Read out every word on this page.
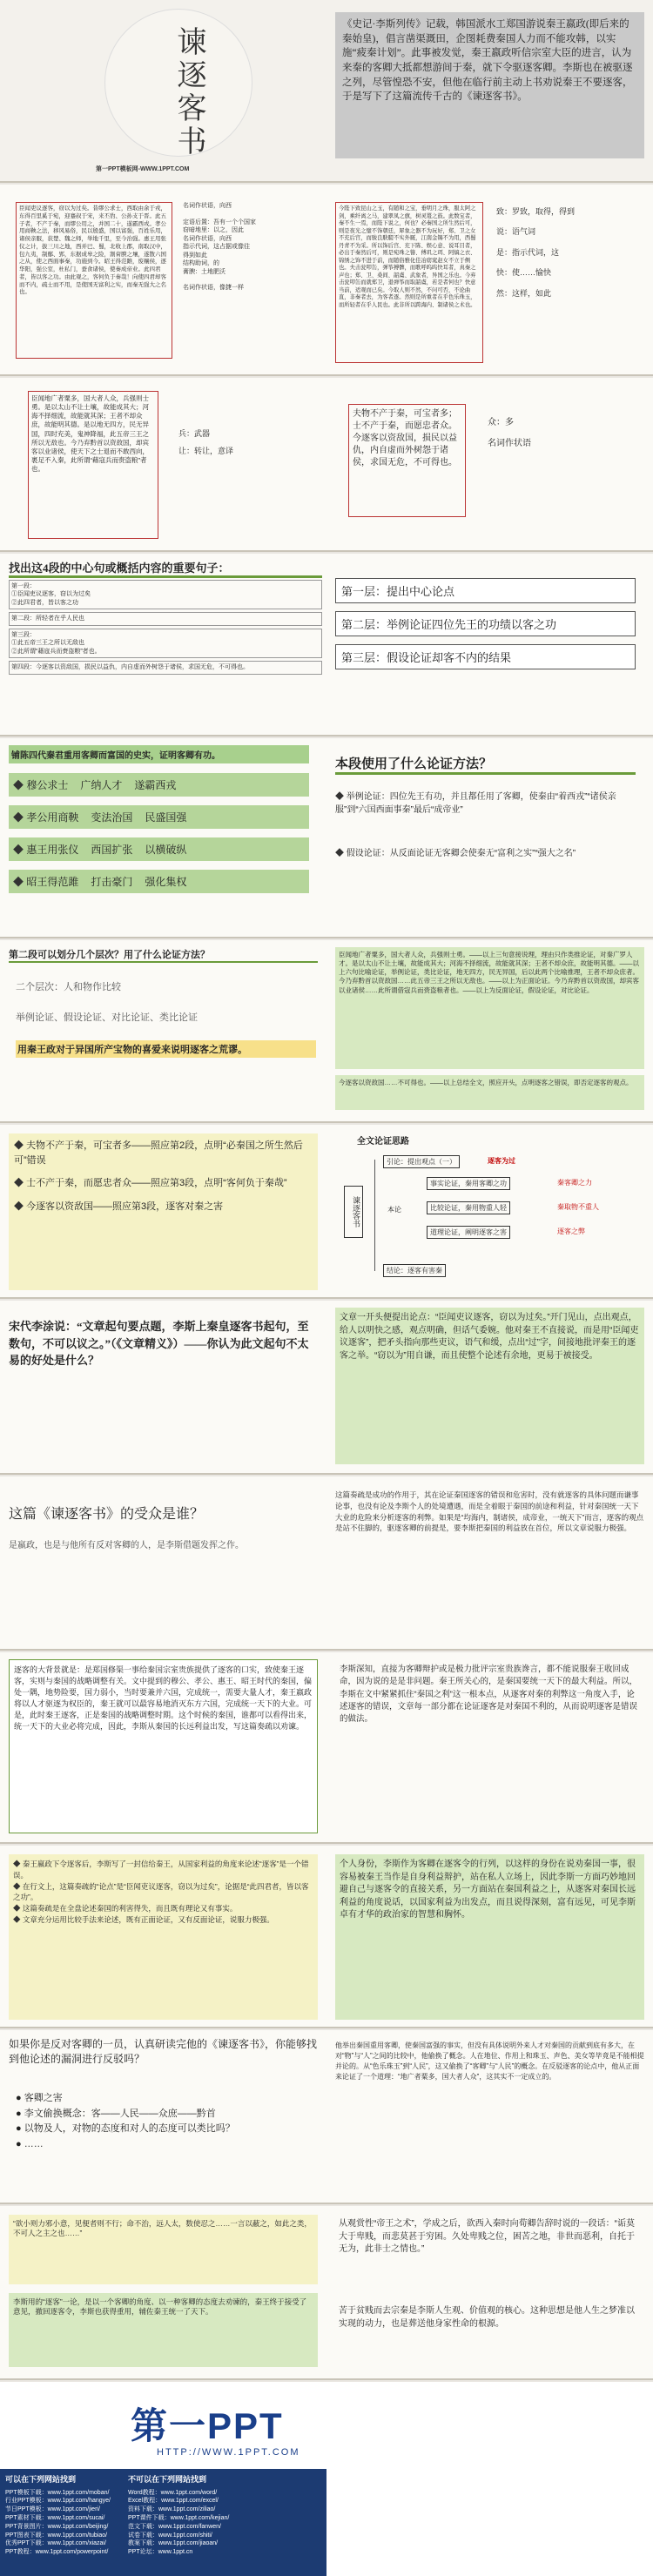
谏逐客书
第一PPT模板网-WWW.1PPT.COM
《史记·李斯列传》记载，韩国派水工郑国游说秦王嬴政(即后来的秦始皇)，倡言凿渠溉田，企图耗费秦国人力而不能攻韩，以实施“疲秦计划”。此事被发觉，秦王嬴政听信宗室大臣的进言，认为来秦的客卿大抵都想游间于秦，就下令驱逐客卿。李斯也在被驱逐之列，尽管惶恐不安，但他在临行前主动上书劝说秦王不要逐客，于是写下了这篇流传千古的《谏逐客书》。
臣闻吏议逐客，窃以为过矣。昔缪公求士，西取由余于戎，东得百里奚于宛，迎蹇叔于宋，来丕豹、公孙支于晋。此五子者，不产于秦，而缪公用之，并国二十，遂霸西戎。孝公用商鞅之法，移风易俗，民以殷盛，国以富强，百姓乐用，诸侯亲服，获楚、魏之师，举地千里，至今治强。惠王用张仪之计，拔三川之地，西并巴、蜀，北收上郡，南取汉中，包九夷，制鄢、郢，东据成皋之险，割膏腴之壤，遂散六国之从，使之西面事秦，功施到今。昭王得范雎，废穰侯，逐华阳，强公室，杜私门，蚕食诸侯，使秦成帝业。此四君者，皆以客之功。由此观之，客何负于秦哉！向使四君却客而不内，疏士而不用，是使国无富利之实，而秦无强大之名也。
名词作状语，向西

定语后置：吾有一个个国家
窃暗地里：以之，因此
名词作状语，向西
指示代词，这占据或像往
得到如此
结构助词，的
膏腴：土地肥沃

名词作状语，像捷一样
今陛下致昆山之玉，有随和之宝，垂明月之珠，服太阿之剑，乘纤离之马，建翠凤之旗，树灵鼍之鼓。此数宝者，秦不生一焉，而陛下说之，何也？必秦国之所生然后可，则是夜光之璧不饰朝廷，犀象之器不为玩好，郑、卫之女不充后宫，而骏良駃騠不实外厩，江南金锡不为用，西蜀丹青不为采。所以饰后宫、充下陈、娱心意、说耳目者，必出于秦然后可，则是宛珠之簪、傅玑之珥、阿缟之衣、锦绣之饰不进于前，而随俗雅化佳冶窈窕赵女不立于侧也。夫击瓮叩缶，弹筝搏髀，而歌呼呜呜快耳者，真秦之声也；郑、卫、桑间、韶虞、武象者，异国之乐也。今弃击瓮叩缶而就郑卫，退弹筝而取韶虞，若是者何也？快意当前，适观而已矣。今取人则不然，不问可否，不论曲直，非秦者去，为客者逐。然则是所重者在乎色乐珠玉，而所轻者在乎人民也。此非所以跨海内、制诸侯之术也。
致：罗致，取得，得到
说：语气词
是：指示代词，这
快：使……愉快
然：这样，如此
臣闻地广者粟多，国大者人众，兵强则士勇。是以太山不让土壤，故能成其大；河海不择细流，故能就其深；王者不却众庶，故能明其德。是以地无四方，民无异国，四时充美，鬼神降福，此五帝三王之所以无敌也。今乃弃黔首以资敌国，却宾客以业诸侯，使天下之士退而不敢西向，裹足不入秦，此所谓“藉寇兵而赍盗粮”者也。
兵：武器
让：转让，意译
夫物不产于秦，可宝者多；士不产于秦，而愿忠者众。今逐客以资敌国，损民以益仇，内自虚而外树怨于诸侯，求国无危，不可得也。
众：多
名词作状语
找出这4段的中心句或概括内容的重要句子：
第一段：
①臣闻吏议逐客，窃以为过矣
②此四君者，皆以客之功
第二段：所轻者在乎人民也
第三段：
①此五帝三王之所以无敌也
②此所谓“藉寇兵而赍盗粮”者也。
第四段：今逐客以资敌国，损民以益仇，内自虚而外树怨于诸侯，求国无危，不可得也。
第一层：提出中心论点
第二层：举例论证四位先王的功绩以客之功
第三层：假设论证却客不内的结果
铺陈四代秦君重用客卿而富国的史实，证明客卿有功。
◆ 穆公求士 广纳人才 遂霸西戎
◆ 孝公用商鞅 变法治国 民盛国强
◆ 惠王用张仪 西国扩张 以横破纵
◆ 昭王得范雎 打击豪门 强化集权
本段使用了什么论证方法？
◆ 举例论证：四位先王有功，并且都任用了客卿，使秦由“着西戎”“诸侯亲服”到“六国西面事秦”最后“成帝业”
◆ 假设论证：从反面论证无客卿会使秦无“富利之实”“强大之名”
第二段可以划分几个层次？用了什么论证方法？
二个层次：人和物作比较
举例论证、假设论证、对比论证、类比论证
用秦王政对于异国所产宝物的喜爱来说明逐客之荒谬。
臣闻地广者粟多，国大者人众，兵强则士勇。——以上三句意接说理，理由只作类推论证，对秦广罗人才。是以太山不让土壤，故能成其大；河海不择细流，故能就其深；王者不却众庶，故能明其德。——以上六句比喻论证，举例论证，类比论证，地无四方，民无异国，后以此两个比喻推理，王者不却众庶者。今乃弃黔首以资敌国……此五帝三王之所以无敌也。——以上为正面论证。今乃弃黔首以资敌国，却宾客以业诸侯……此所谓借寇兵而赍盗粮者也。——以上为反面论证，假设论证，对比论证。
今逐客以资敌国……不可得也。——以上总结全文，照应开头，点明逐客之错误，即否定逐客的观点。
◆ 夫物不产于秦，可宝者多——照应第2段，点明“必秦国之所生然后可”错误
◆ 士不产于秦，而愿忠者众——照应第3段，点明“客何负于秦哉”
◆ 今逐客以资敌国——照应第3段，逐客对秦之害
全文论证思路
谏逐客书
引论：提出观点（一）	逐客为过
本论
事实论证，秦用客卿之功
比较论证，秦用物重人轻
道理论证，阐明逐客之害
秦客卿之力
秦取物不重人
逐客之弊
结论：逐客有害秦
宋代李涂说：“文章起句要点题，李斯上秦皇逐客书起句，至数句，不可以议之。”（《文章精义》）——你认为此文起句不太易的好处是什么？
文章一开头便提出论点：“臣闻吏议逐客，窃以为过矣。”开门见山，点出观点，给人以明快之感，观点明确，但话气委婉。他对秦王不直接说，而是用“臣闻吏议逐客”，把矛头指向那些吏议，语气和缓，点出“过”字，间接地批评秦王的逐客之举。“窃以为”用自谦，而且使整个论述有余地，更易于被接受。
这篇《谏逐客书》的受众是谁？
是嬴政，也是与他所有反对客卿的人，是李斯借题发挥之作。
这篇奏疏是成功的作用于，其在论证秦国逐客的错误和危害时，没有就逐客的具体问题而谦事论事，也没有论及李斯个人的处境遭遇，而是全着眼于秦国的前途和利益，针对秦国统一天下大业的危险来分析逐客的利弊。如果是“均海内，制诸侯，成帝业，一统天下”而言，逐客的观点是站不住脚的，驱逐客卿的前提是，要李斯把秦国的利益放在首位，所以文章说服力极强。
逐客的大背景就是：是郑国修渠一事给秦国宗室贵族提供了逐客的口实，致使秦王逐客，实则与秦国的战略调整有关。文中提到的穆公、孝公、惠王、昭王时代的秦国，偏处一隅，地势险要，国力弱小，当时要兼并六国，完成统一，需要大量人才，秦王嬴政将以人才驱逐为权臣的，秦王就可以最容易地消灭东方六国，完成统一天下的大业。可是，此时秦王逐客，正是秦国的战略调整时期。这个时候的秦国，谁都可以看得出来，统一天下的大业必将完成，因此，李斯从秦国的长远利益出发，写这篇奏疏以劝谏。
李斯深知，直接为客卿辩护或是极力批评宗室贵族谗言，都不能说服秦王收回成命，因为说的是是非问题。秦王所关心的，是秦国要统一天下的最大利益。所以，李斯在文中紧紧抓住“秦国之利”这一根本点，从逐客对秦的利弊这一角度入手，论述逐客的错误，文章每一部分都在论证逐客是对秦国不利的，从而说明逐客是错误的做法。
◆ 秦王嬴政下令逐客后，李斯写了一封信给秦王，从国家利益的角度来论述“逐客”是一个错误。
◆ 在行文上，这篇奏疏的“论点”是“臣闻吏议逐客，窃以为过矣”，论据是“此四君者，皆以客之功”。
◆ 这篇奏疏是在全盘论述秦国的利害得失，而且既有理论又有事实。
◆ 文章充分运用比较手法来论述，既有正面论证，又有反面论证，说服力极强。
个人身份，李斯作为客卿在逐客令的行列，以这样的身份在说劝秦国一事，很容易被秦王当作是自身利益辩护，站在私人立场上，因此李斯一方面巧妙地回避自己与逐客令的直接关系，另一方面站在秦国利益之上，从逐客对秦国长远利益的角度说话，以国家利益为出发点，而且说得深刻，富有远见，可见李斯卓有才华的政治家的智慧和胸怀。
如果你是反对客卿的一员，认真研读完他的《谏逐客书》，你能够找到他论述的漏洞进行反驳吗？
● 客卿之害
● 李文偷换概念：客——人民——众庶——黔首
● 以物及人，对物的态度和对人的态度可以类比吗？
● ……
他举出秦国重用客卿，使秦国富强的事实，但没有具体说明外来人才对秦国的贡献到底有多大，在对“物”与“人”之间的比较中，他偷换了概念。人在地位、作用上和珠玉、声色、美女等毕竟是不能相提并论的。从“色乐珠玉”到“人民”，这又偷换了“客卿”与“人民”的概念。在反驳逐客的论点中，他从正面来论证了一个道理：“地广者粟多，国大者人众”，这其实不一定成立的。
“欲小则力邪小意，见便者则不行；命不治，远人太，数使忍之……一言以蔽之，如此之类，不可人之主之也……”
李斯用的“逐客”一论，是以一个客卿的角度、以一种客卿的态度去劝谏的，秦王终于接受了意见，撤回逐客令，李斯也获得重用，辅佐秦王统一了天下。
从观赏性“帝王之术”，学成之后，欲西入秦时向荀卿告辞时说的一段话：“诟莫大于卑贱，而悲莫甚于穷困。久处卑贱之位，困苦之地，非世而恶利，自托于无为，此非士之情也。”
苦于贫贱而去宗秦是李斯人生观、价值观的核心。这种思想是他人生之梦准以实现的动力，也是葬送他身家性命的根源。
第一PPT
HTTP://WWW.1PPT.COM
可以在下列网站找到
PPT模板下载：www.1ppt.com/moban/
行业PPT模板：www.1ppt.com/hangye/
节日PPT模板：www.1ppt.com/jieri/
PPT素材下载：www.1ppt.com/sucai/
PPT背景图片：www.1ppt.com/beijing/
PPT图表下载：www.1ppt.com/tubiao/
优秀PPT下载：www.1ppt.com/xiazai/
PPT教程：www.1ppt.com/powerpoint/
不可以在下列网站找到
Word教程：www.1ppt.com/word/
Excel教程：www.1ppt.com/excel/
资料下载：www.1ppt.com/ziliao/
PPT课件下载：www.1ppt.com/kejian/
范文下载：www.1ppt.com/fanwen/
试卷下载：www.1ppt.com/shiti/
教案下载：www.1ppt.com/jiaoan/
PPT论坛：www.1ppt.cn
